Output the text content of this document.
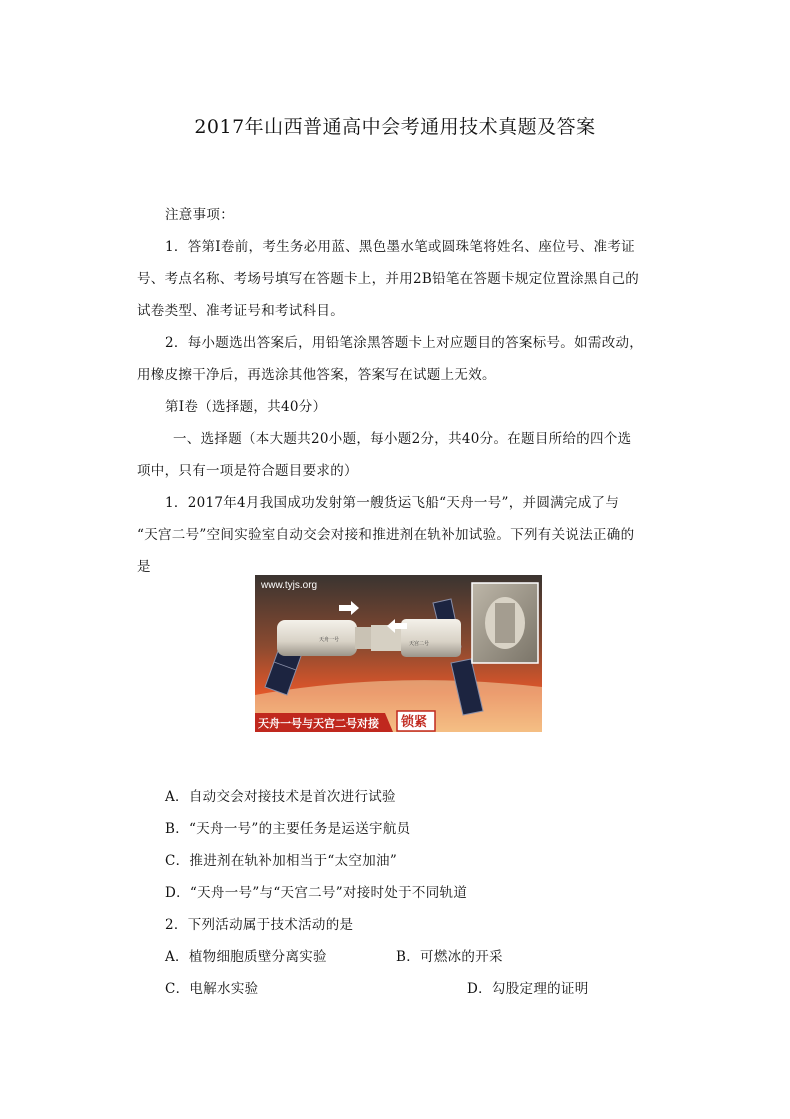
2017年山西普通高中会考通用技术真题及答案
注意事项：
1．答第Ⅰ卷前，考生务必用蓝、黑色墨水笔或圆珠笔将姓名、座位号、准考证
号、考点名称、考场号填写在答题卡上，并用2B铅笔在答题卡规定位置涂黑自己的
试卷类型、准考证号和考试科目。
2．每小题选出答案后，用铅笔涂黑答题卡上对应题目的答案标号。如需改动，
用橡皮擦干净后，再选涂其他答案，答案写在试题上无效。
第Ⅰ卷（选择题，共40分）
一、选择题（本大题共20小题，每小题2分，共40分。在题目所给的四个选
项中，只有一项是符合题目要求的）
1．2017年4月我国成功发射第一艘货运飞船“天舟一号”，并圆满完成了与
“天宫二号”空间实验室自动交会对接和推进剂在轨补加试验。下列有关说法正确的
是
www.tyjs.org
天舟一号
天宫二号
天舟一号与天宫二号对接 锁紧
A．自动交会对接技术是首次进行试验
B．“天舟一号”的主要任务是运送宇航员
C．推进剂在轨补加相当于“太空加油”
D．“天舟一号”与“天宫二号”对接时处于不同轨道
2．下列活动属于技术活动的是
A．植物细胞质壁分离实验	B．可燃冰的开采
C．电解水实验	D．勾股定理的证明
